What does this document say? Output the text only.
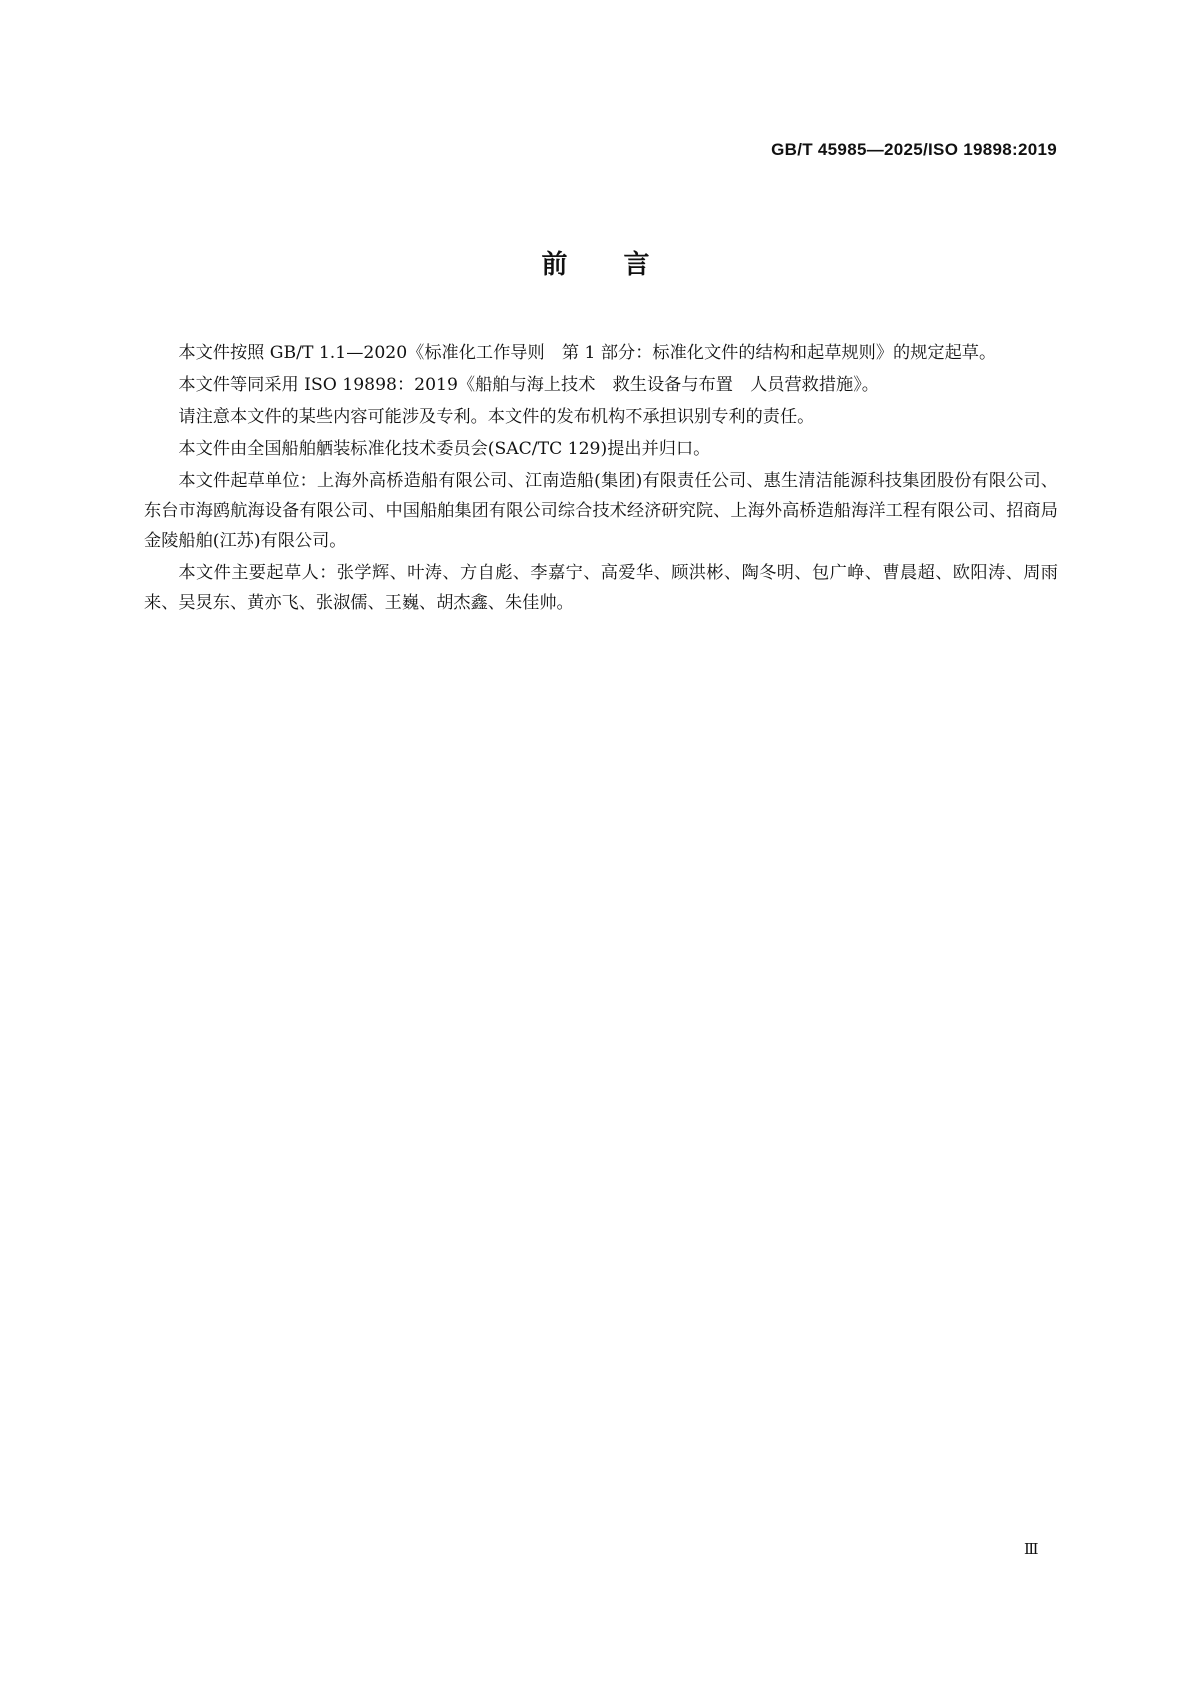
GB/T 45985—2025/ISO 19898:2019
前言

本文件按照 GB/T 1.1—2020《标准化工作导则　第 1 部分：标准化文件的结构和起草规则》的规定起草。

本文件等同采用 ISO 19898：2019《船舶与海上技术　救生设备与布置　人员营救措施》。

请注意本文件的某些内容可能涉及专利。本文件的发布机构不承担识别专利的责任。

本文件由全国船舶舾装标准化技术委员会(SAC/TC 129)提出并归口。

本文件起草单位：上海外高桥造船有限公司、江南造船(集团)有限责任公司、惠生清洁能源科技集团股份有限公司、东台市海鸥航海设备有限公司、中国船舶集团有限公司综合技术经济研究院、上海外高桥造船海洋工程有限公司、招商局金陵船舶(江苏)有限公司。

本文件主要起草人：张学辉、叶涛、方自彪、李嘉宁、高爱华、顾洪彬、陶冬明、包广峥、曹晨超、欧阳涛、周雨来、吴炅东、黄亦飞、张淑儒、王巍、胡杰鑫、朱佳帅。

Ⅲ
